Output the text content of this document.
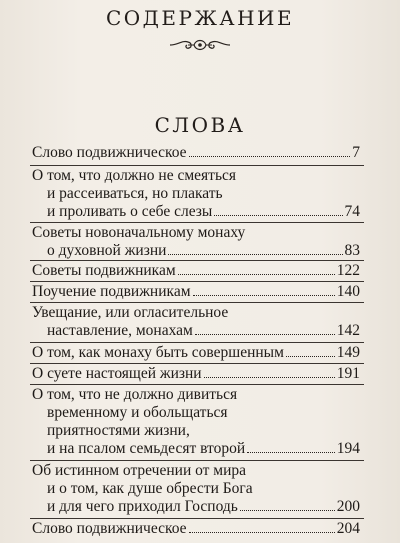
СОДЕРЖАНИЕ
СЛОВА
Слово подвижническое	7
О том, что должно не смеяться
и рассеиваться, но плакать
и проливать о себе слезы	74
Советы новоначальному монаху
о духовной жизни	83
Советы подвижникам	122
Поучение подвижникам	140
Увещание, или огласительное
наставление, монахам	142
О том, как монаху быть совершенным	149
О суете настоящей жизни	191
О том, что не должно дивиться
временному и обольщаться
приятностями жизни,
и на псалом семьдесят второй	194
Об истинном отречении от мира
и о том, как душе обрести Бога
и для чего приходил Господь	200
Слово подвижническое	204
